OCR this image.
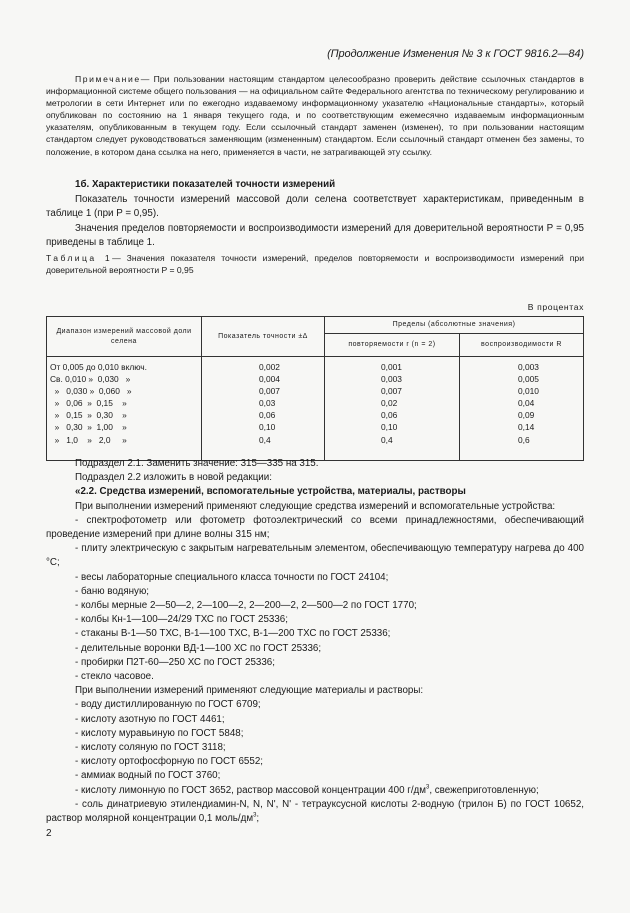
(Продолжение Изменения № 3 к ГОСТ 9816.2—84)
Примечание— При пользовании настоящим стандартом целесообразно проверить действие ссылочных стандартов в информационной системе общего пользования — на официальном сайте Федерального агентства по техническому регулированию и метрологии в сети Интернет или по ежегодно издаваемому информационному указателю «Национальные стандарты», который опубликован по состоянию на 1 января текущего года, и по соответствующим ежемесячно издаваемым информационным указателям, опубликованным в текущем году. Если ссылочный стандарт заменен (изменен), то при пользовании настоящим стандартом следует руководствоваться заменяющим (измененным) стандартом. Если ссылочный стандарт отменен без замены, то положение, в котором дана ссылка на него, применяется в части, не затрагивающей эту ссылку.

1б. Характеристики показателей точности измерений

Показатель точности измерений массовой доли селена соответствует характеристикам, приведенным в таблице 1 (при P = 0,95).

Значения пределов повторяемости и воспроизводимости измерений для доверительной вероятности P = 0,95 приведены в таблице 1.

Таблица 1— Значения показателя точности измерений, пределов повторяемости и воспроизводимости измерений при доверительной вероятности P = 0,95
В процентах
Диапазон измерений массовой доли селена	Показатель точности ±Δ	Пределы (абсолютные значения)	
		повторяемости r (n = 2)	воспроизводимости R
От 0,005 до 0,010 включ.	0,002	0,001	0,003
Св. 0,010 »  0,030   »	0,004	0,003	0,005
»   0,030 »  0,060   »	0,007	0,007	0,010
»   0,06  »  0,15    »	0,03	0,02	0,04
»   0,15  »  0,30    »	0,06	0,06	0,09
»   0,30  »  1,00    »	0,10	0,10	0,14
»   1,0    »   2,0     »	0,4	0,4	0,6

Подраздел 2.1. Заменить значение: 315—335 на 315.

Подраздел 2.2 изложить в новой редакции:

«2.2. Средства измерений, вспомогательные устройства, материалы, растворы

При выполнении измерений применяют следующие средства измерений и вспомогательные устройства:

- спектрофотометр или фотометр фотоэлектрический со всеми принадлежностями, обеспечивающий проведение измерений при длине волны 315 нм;

- плиту электрическую с закрытым нагревательным элементом, обеспечивающую температуру нагрева до 400 °С;

- весы лабораторные специального класса точности по ГОСТ 24104;

- баню водяную;

- колбы мерные 2—50—2, 2—100—2, 2—200—2, 2—500—2 по ГОСТ 1770;

- колбы Кн-1—100—24/29 ТХС по ГОСТ 25336;

- стаканы В-1—50 ТХС, В-1—100 ТХС, В-1—200 ТХС по ГОСТ 25336;

- делительные воронки ВД-1—100 ХС по ГОСТ 25336;

- пробирки П2Т-60—250 ХС по ГОСТ 25336;

- стекло часовое.

При выполнении измерений применяют следующие материалы и растворы:

- воду дистиллированную по ГОСТ 6709;

- кислоту азотную по ГОСТ 4461;

- кислоту муравьиную по ГОСТ 5848;

- кислоту соляную по ГОСТ 3118;

- кислоту ортофосфорную по ГОСТ 6552;

- аммиак водный по ГОСТ 3760;

- кислоту лимонную по ГОСТ 3652, раствор массовой концентрации 400 $г/дм^3$, свежеприготовленную;

- соль динатриевую этилендиамин-N, N, N', N' - тетрауксусной кислоты 2-водную (трилон Б) по ГОСТ 10652, раствор молярной концентрации 0,1 моль/$дм^3$;

2
